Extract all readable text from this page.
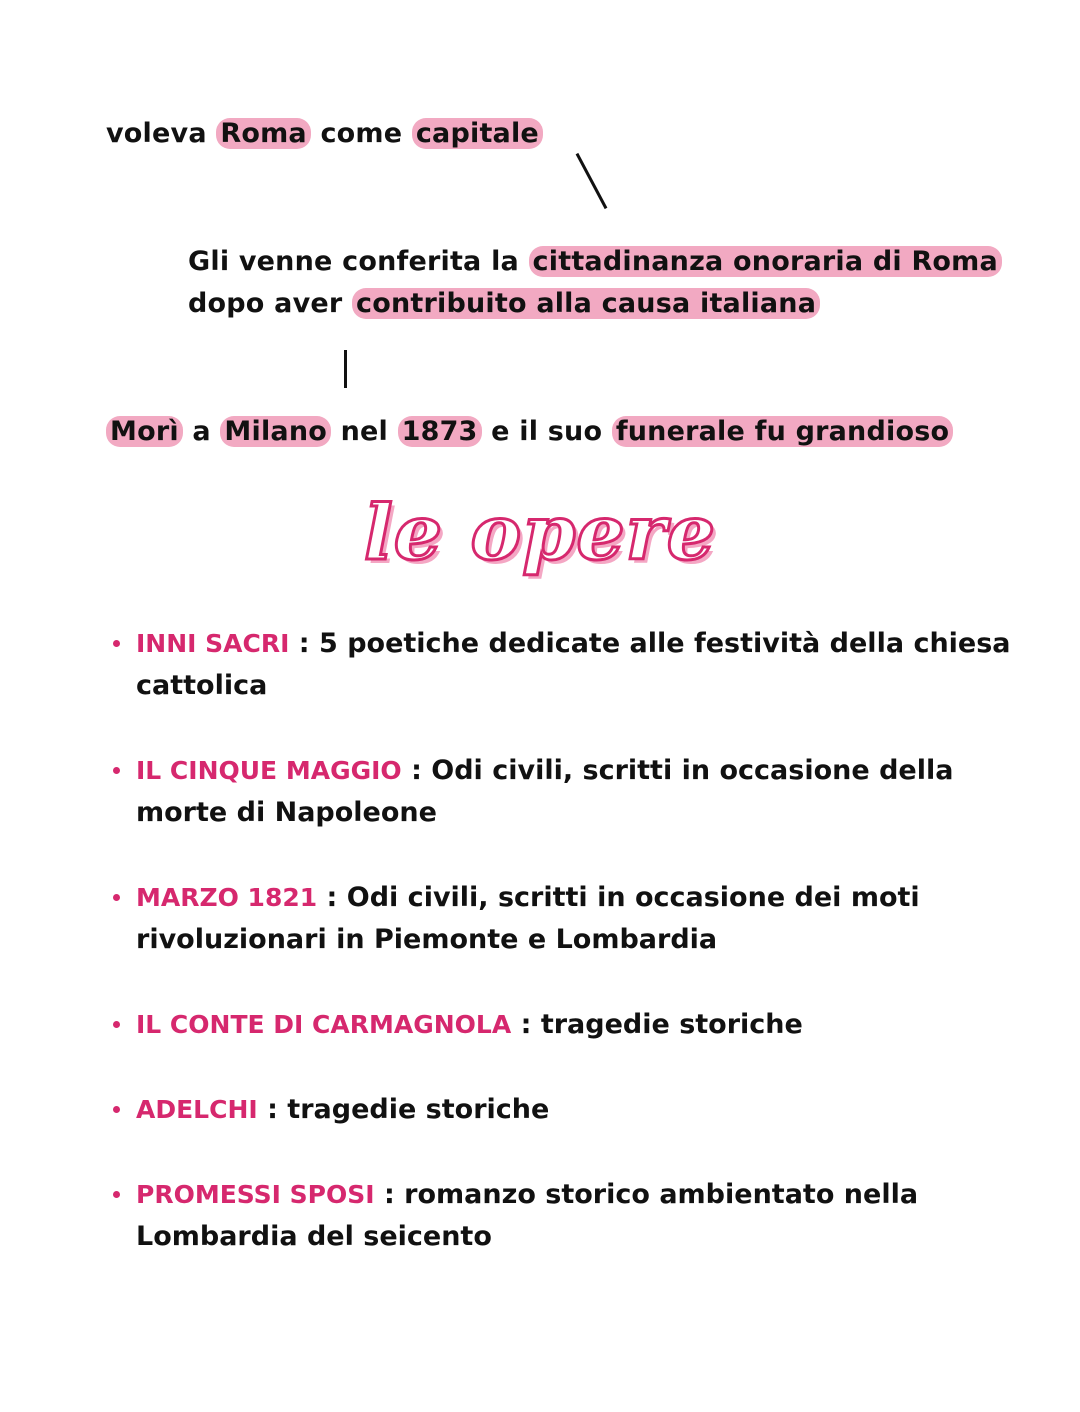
voleva Roma come capitale
Gli venne conferita la cittadinanza onoraria di Roma
dopo aver contribuito alla causa italiana
Morì a Milano nel 1873 e il suo funerale fu grandioso
le opere
INNI SACRI : 5 poetiche dedicate alle festività della chiesa cattolica
IL CINQUE MAGGIO : Odi civili, scritti in occasione della morte di Napoleone
MARZO 1821 : Odi civili, scritti in occasione dei moti rivoluzionari in Piemonte e Lombardia
IL CONTE DI CARMAGNOLA : tragedie storiche
ADELCHI : tragedie storiche
PROMESSI SPOSI : romanzo storico ambientato nella Lombardia del seicento
